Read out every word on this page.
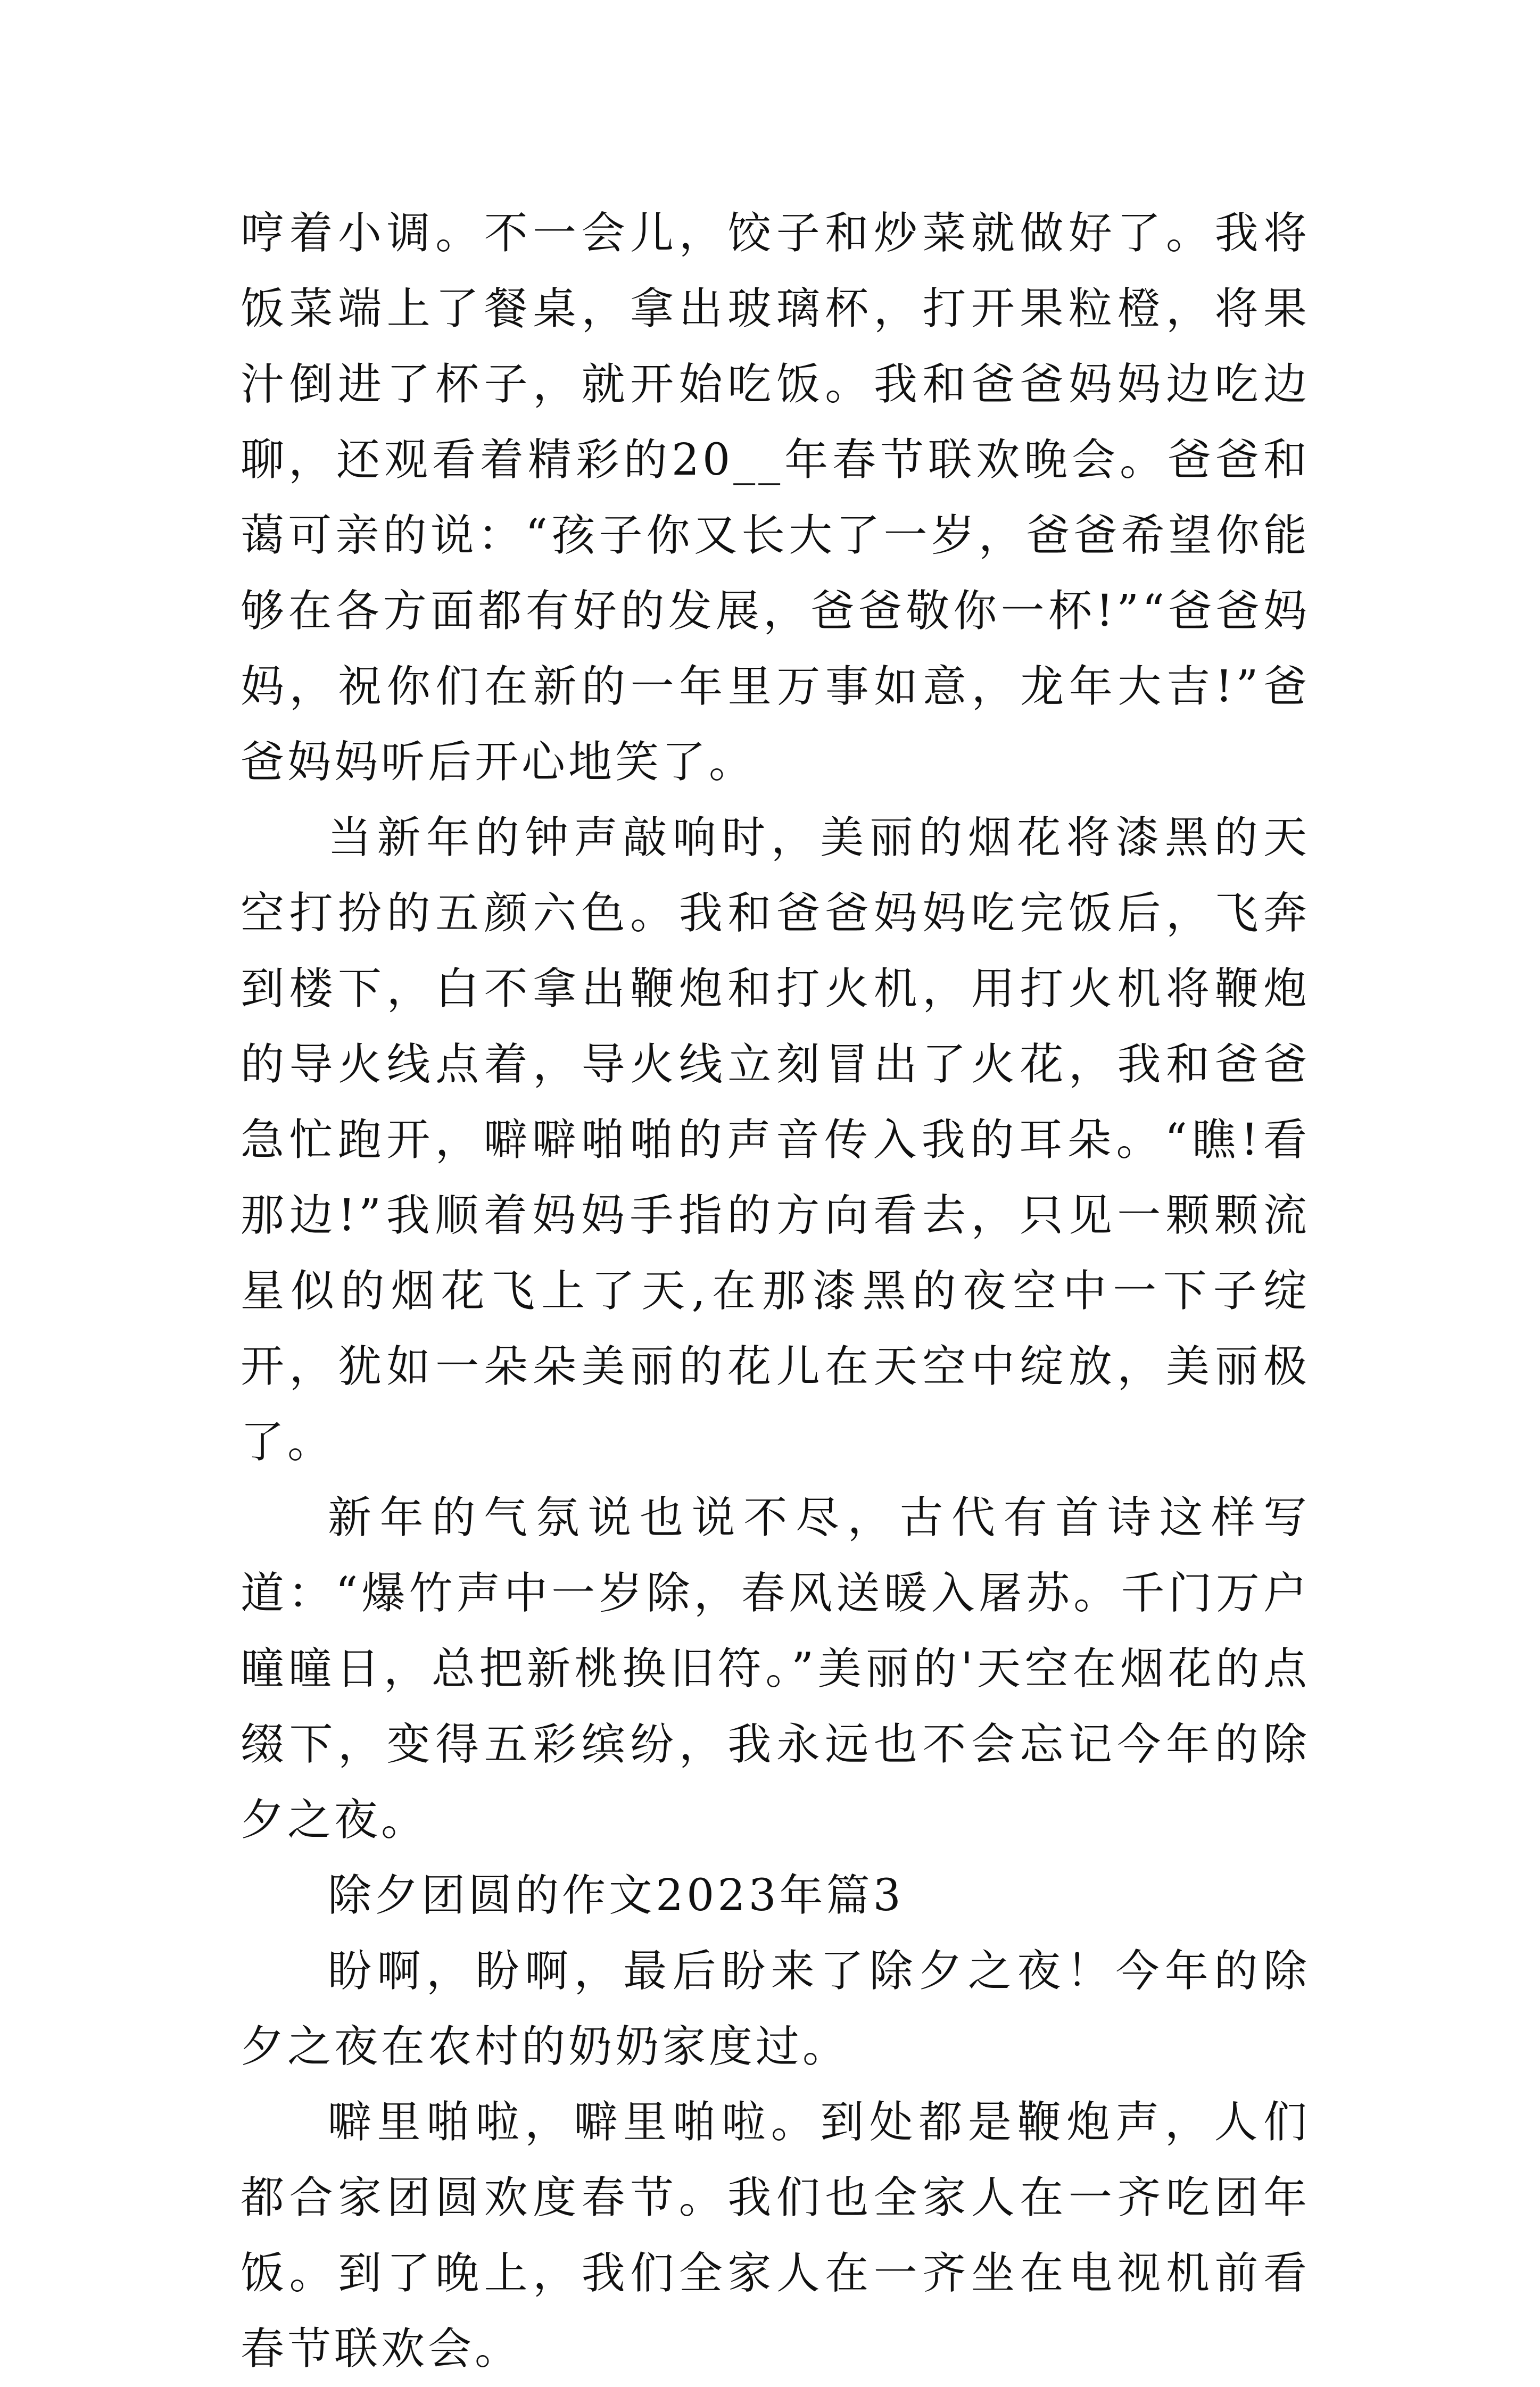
哼着小调。不一会儿，饺子和炒菜就做好了。我将饭菜端上了餐桌，拿出玻璃杯，打开果粒橙，将果汁倒进了杯子，就开始吃饭。我和爸爸妈妈边吃边聊，还观看着精彩的20__年春节联欢晚会。爸爸和蔼可亲的说：“孩子你又长大了一岁，爸爸希望你能够在各方面都有好的发展，爸爸敬你一杯!”“爸爸妈妈，祝你们在新的一年里万事如意，龙年大吉!”爸爸妈妈听后开心地笑了。

当新年的钟声敲响时，美丽的烟花将漆黑的天空打扮的五颜六色。我和爸爸妈妈吃完饭后，飞奔到楼下，白不拿出鞭炮和打火机，用打火机将鞭炮的导火线点着，导火线立刻冒出了火花，我和爸爸急忙跑开，噼噼啪啪的声音传入我的耳朵。“瞧!看那边!”我顺着妈妈手指的方向看去，只见一颗颗流星似的烟花飞上了天,在那漆黑的夜空中一下子绽开，犹如一朵朵美丽的花儿在天空中绽放，美丽极了。

新年的气氛说也说不尽，古代有首诗这样写道：“爆竹声中一岁除，春风送暖入屠苏。千门万户曈曈日，总把新桃换旧符。”美丽的'天空在烟花的点缀下，变得五彩缤纷，我永远也不会忘记今年的除夕之夜。

除夕团圆的作文2023年篇3

盼啊，盼啊，最后盼来了除夕之夜！今年的除夕之夜在农村的奶奶家度过。

噼里啪啦，噼里啪啦。到处都是鞭炮声，人们都合家团圆欢度春节。我们也全家人在一齐吃团年饭。到了晚上，我们全家人在一齐坐在电视机前看春节联欢会。
